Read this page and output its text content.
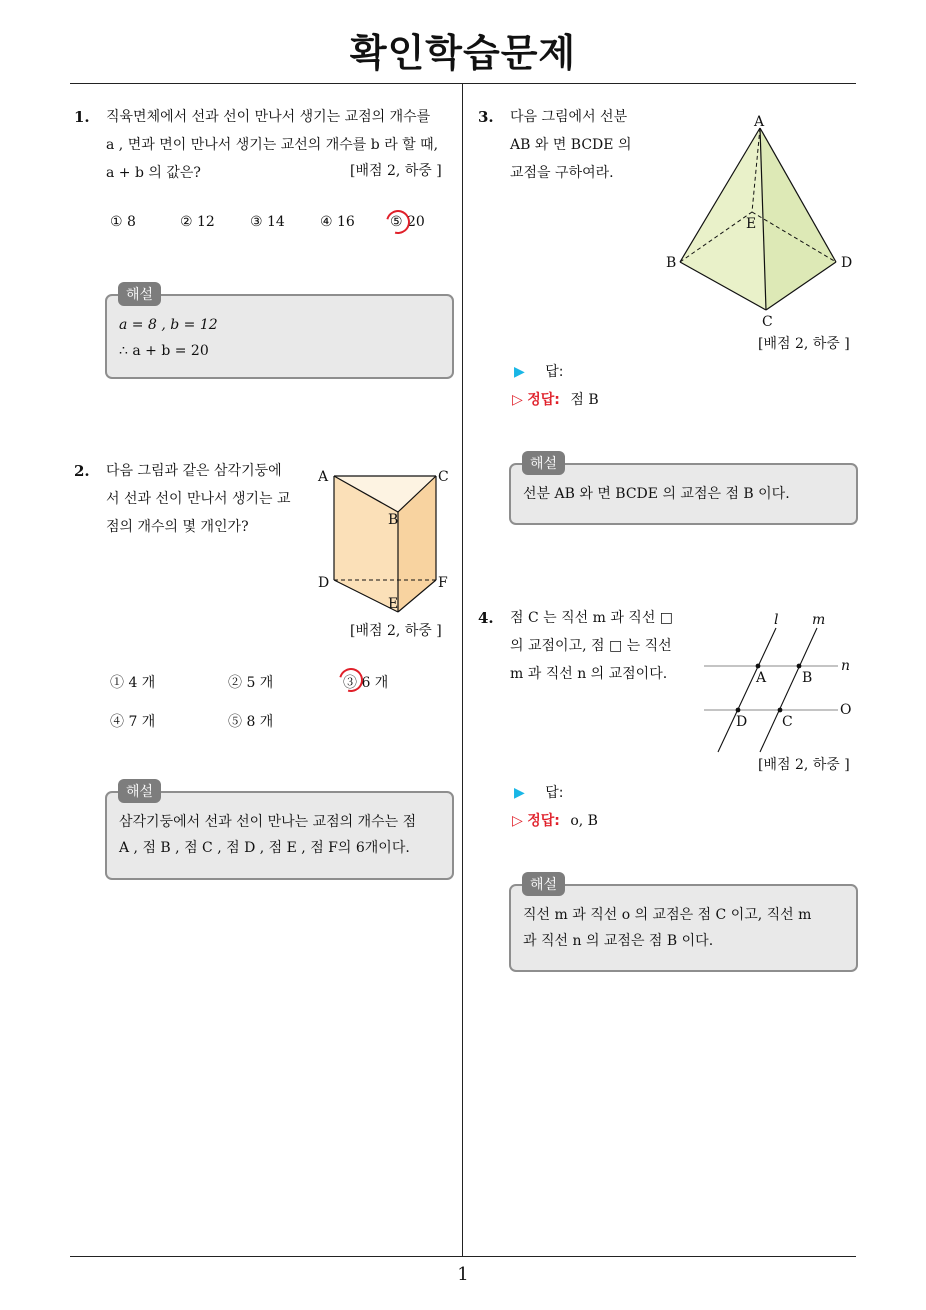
확인학습문제
1
1. 직육면체에서 선과 선이 만나서 생기는 교점의 개수를
a , 면과 면이 만나서 생기는 교선의 개수를 b 라 할 때,
a + b 의 값은?	[배점 2, 하중 ]
① 8	② 12	③ 14	④ 16	⑤ 20
a = 8 , b = 12
∴ a + b = 20
해설
2. 다음 그림과 같은 삼각기둥에
서 선과 선이 만나서 생기는 교
점의 개수의 몇 개인가?
A	C
B
D	F
E
[배점 2, 하중 ]
① 4 개	② 5 개	③ 6 개
④ 7 개	⑤ 8 개
삼각기둥에서 선과 선이 만나는 교점의 개수는 점
A , 점 B , 점 C , 점 D , 점 E , 점 F의 6개이다.
해설
3. 다음 그림에서 선분
AB 와 면 BCDE 의
교점을 구하여라.
A
B	D
E
C
[배점 2, 하중 ]
▶ 답:
▷ 정답: 점 B
선분 AB 와 면 BCDE 의 교점은 점 B 이다.
해설
4. 점 C 는 직선 m 과 직선 □
의 교점이고, 점 □ 는 직선
m 과 직선 n 의 교점이다.
l m
n
O
A	B
D C
[배점 2, 하중 ]
▶ 답:
▷ 정답: o, B
직선 m 과 직선 o 의 교점은 점 C 이고, 직선 m
과 직선 n 의 교점은 점 B 이다.
해설
